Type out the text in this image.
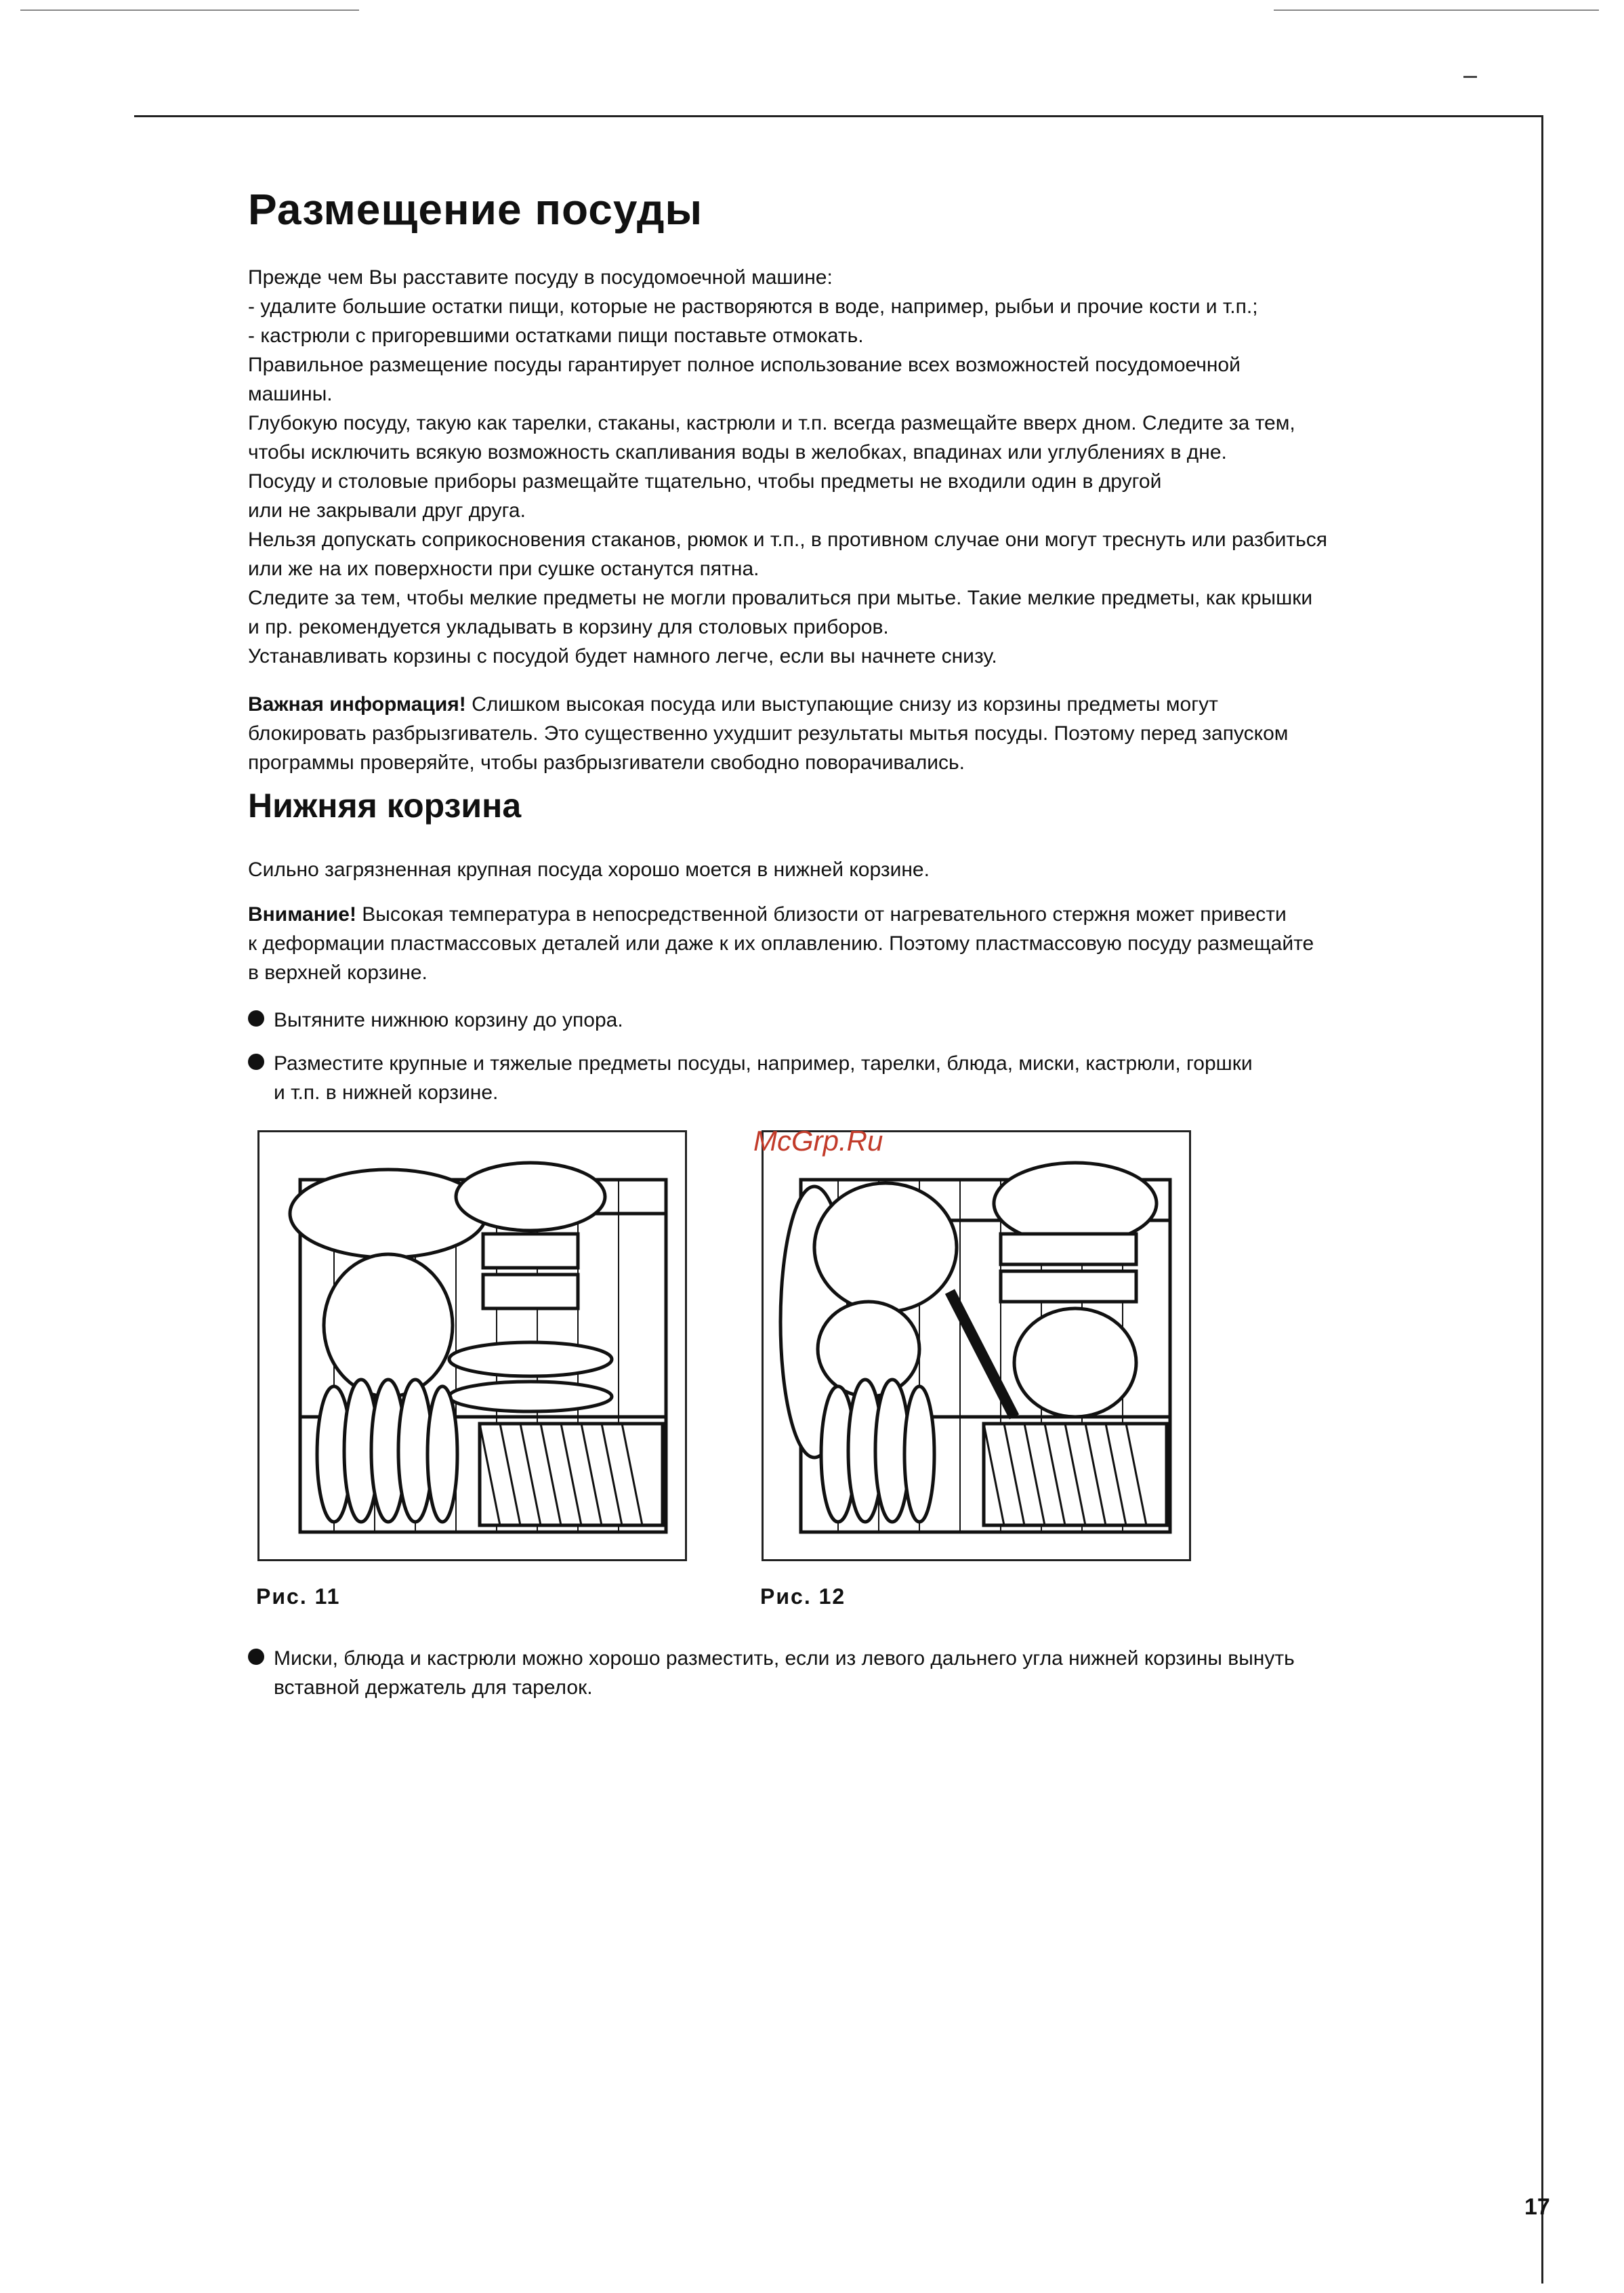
Размещение посуды

Прежде чем Вы расставите посуду в посудомоечной машине:

- удалите большие остатки пищи, которые не растворяются в воде, например, рыбьи и прочие кости и т.п.;

- кастрюли с пригоревшими остатками пищи поставьте отмокать.

Правильное размещение посуды гарантирует полное использование всех возможностей посудомоечной

машины.

Глубокую посуду, такую как тарелки, стаканы, кастрюли и т.п. всегда размещайте вверх дном. Следите за тем,

чтобы исключить всякую возможность скапливания воды в желобках, впадинах или углублениях в дне.

Посуду и столовые приборы размещайте тщательно, чтобы предметы не входили один в другой

или не закрывали друг друга.

Нельзя допускать соприкосновения стаканов, рюмок и т.п., в противном случае они могут треснуть или разбиться

или же на их поверхности при сушке останутся пятна.

Следите за тем, чтобы мелкие предметы не могли провалиться при мытье. Такие мелкие предметы, как крышки

и пр. рекомендуется укладывать в корзину для столовых приборов.

Устанавливать корзины с посудой будет намного легче, если вы начнете снизу.

Важная информация! Слишком высокая посуда или выступающие снизу из корзины предметы могут

блокировать разбрызгиватель. Это существенно ухудшит результаты мытья посуды. Поэтому перед запуском

программы проверяйте, чтобы разбрызгиватели свободно поворачивались.

Нижняя корзина

Сильно загрязненная крупная посуда хорошо моется в нижней корзине.

Внимание! Высокая температура в непосредственной близости от нагревательного стержня может привести

к деформации пластмассовых деталей или даже к их оплавлению. Поэтому пластмассовую посуду размещайте

в верхней корзине.

Вытяните нижнюю корзину до упора.
Разместите крупные и тяжелые предметы посуды, например, тарелки, блюда, миски, кастрюли, горшки
и т.п. в нижней корзине.
Рис. 11	Рис. 12
McGrp.Ru
Миски, блюда и кастрюли можно хорошо разместить, если из левого дальнего угла нижней корзины вынуть
вставной держатель для тарелок.
17
